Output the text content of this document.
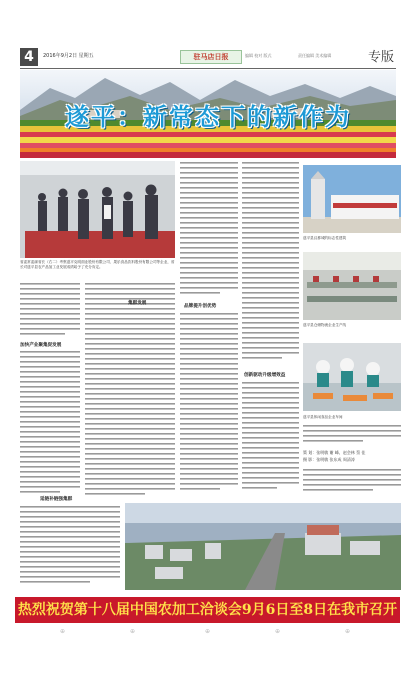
4	2016年9月2日 星期五	驻马店日报	编辑 校对 版式	责任编辑 美术编辑	专版
遂平：新常态下的新作为
省委常委副省长（右二）考察遂平克明面业股份有限公司、果乐食品饮料股份有限公司等企业，省长对遂平县农产品加工业发展成绩给予了充分肯定。
加快产业聚集促发展
集群发展
品牌提升创优势
创新驱动升级增效益
延链补链强集群
遂平县汉都城的标志性建筑
遂平县仓储物流企业生产线
遂平县休闲食品企业车间
策 划：张明敏 谢 峰、赵会林 蔡 佳
摄 影：张明敏 张东成 周清涛
热烈祝贺第十八届中国农加工洽谈会9月6日至8日在我市召开
⊕	⊕	⊕	⊕	⊕
